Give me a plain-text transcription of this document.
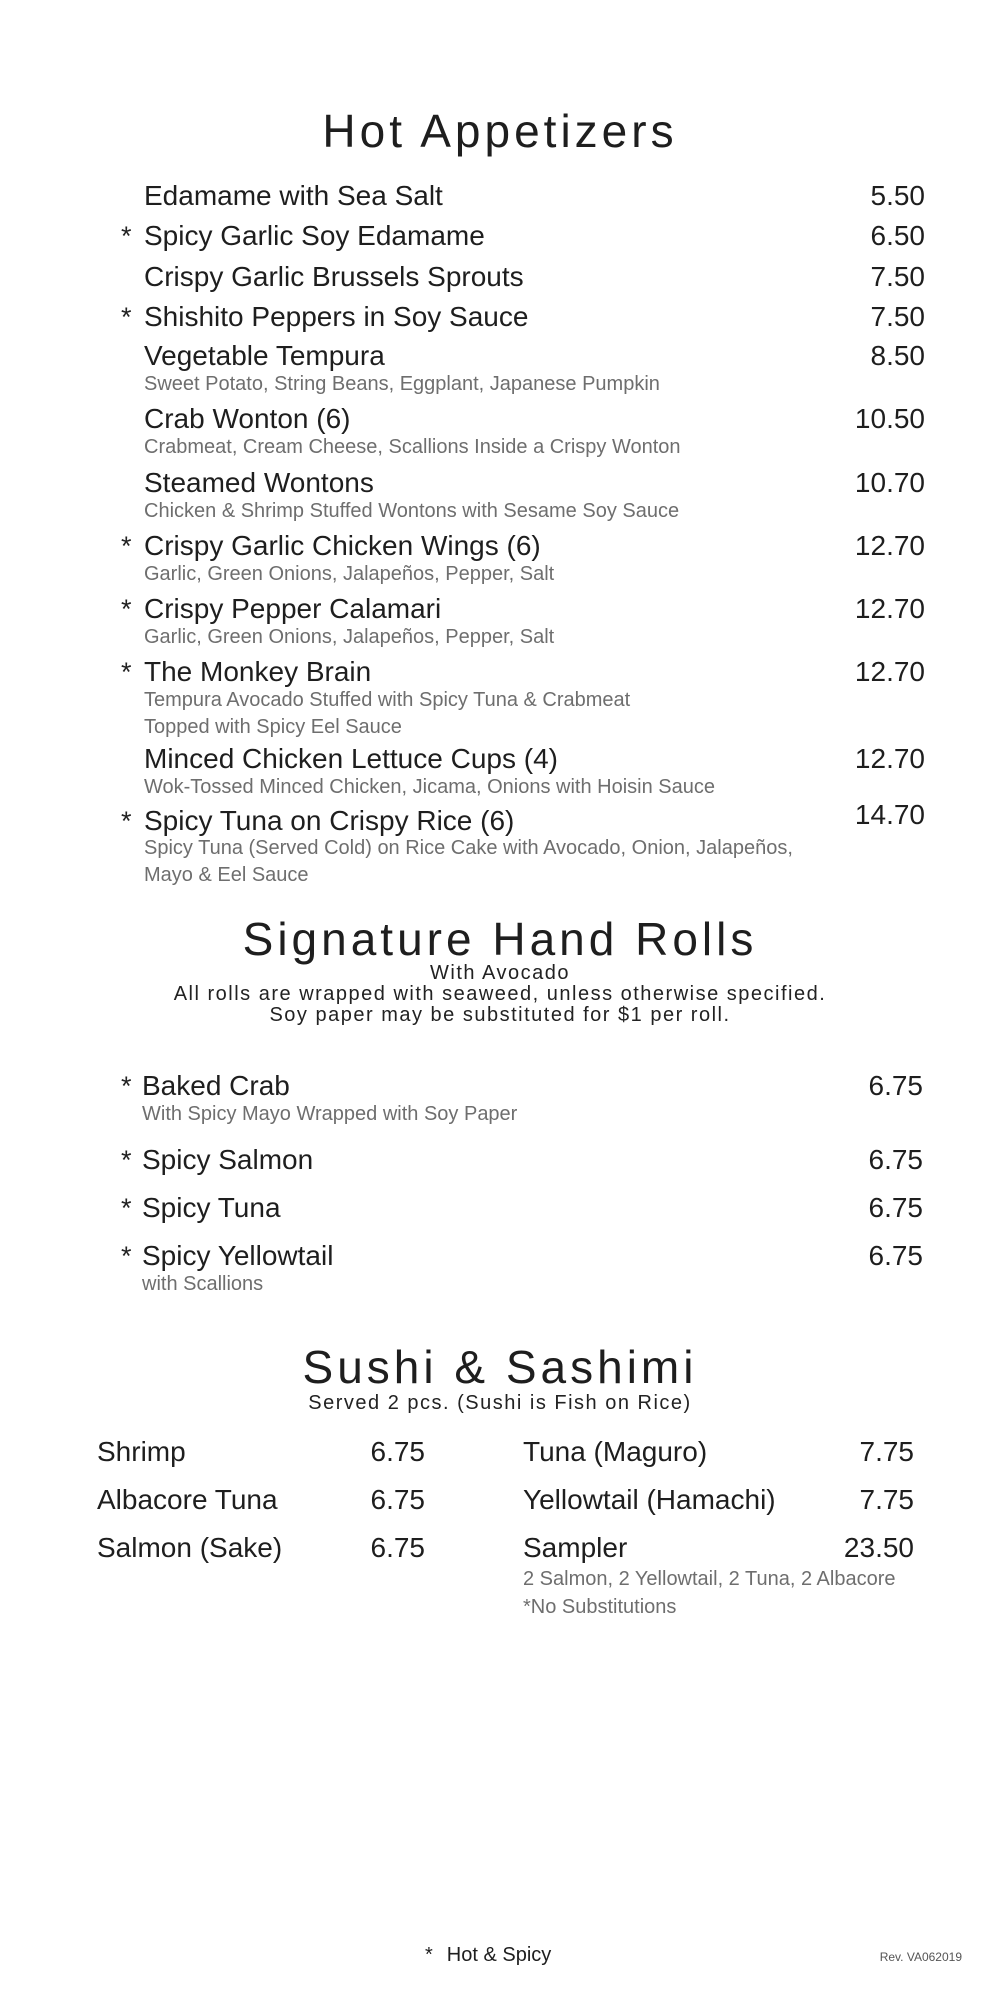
Hot Appetizers
Edamame with Sea Salt	5.50
* Spicy Garlic Soy Edamame	6.50
Crispy Garlic Brussels Sprouts	7.50
* Shishito Peppers in Soy Sauce	7.50
Vegetable Tempura	8.50
Sweet Potato, String Beans, Eggplant, Japanese Pumpkin
Crab Wonton (6)	10.50
Crabmeat, Cream Cheese, Scallions Inside a Crispy Wonton
Steamed Wontons	10.70
Chicken & Shrimp Stuffed Wontons with Sesame Soy Sauce
* Crispy Garlic Chicken Wings (6)	12.70
Garlic, Green Onions, Jalapeños, Pepper, Salt
* Crispy Pepper Calamari	12.70
Garlic, Green Onions, Jalapeños, Pepper, Salt
* The Monkey Brain	12.70
Tempura Avocado Stuffed with Spicy Tuna & Crabmeat
Topped with Spicy Eel Sauce
Minced Chicken Lettuce Cups (4)	12.70
Wok-Tossed Minced Chicken, Jicama, Onions with Hoisin Sauce
* Spicy Tuna on Crispy Rice (6)	14.70
Spicy Tuna (Served Cold) on Rice Cake with Avocado, Onion, Jalapeños,
Mayo & Eel Sauce
Signature Hand Rolls
With Avocado
All rolls are wrapped with seaweed, unless otherwise specified.
Soy paper may be substituted for $1 per roll.
* Baked Crab	6.75
With Spicy Mayo Wrapped with Soy Paper
* Spicy Salmon	6.75
* Spicy Tuna	6.75
* Spicy Yellowtail	6.75
with Scallions
Sushi & Sashimi
Served 2 pcs. (Sushi is Fish on Rice)
Shrimp	6.75
Albacore Tuna	6.75
Salmon (Sake)	6.75
Tuna (Maguro)	7.75
Yellowtail (Hamachi)	7.75
Sampler	23.50
2 Salmon, 2 Yellowtail, 2 Tuna, 2 Albacore
*No Substitutions
* Hot & Spicy	Rev. VA062019
